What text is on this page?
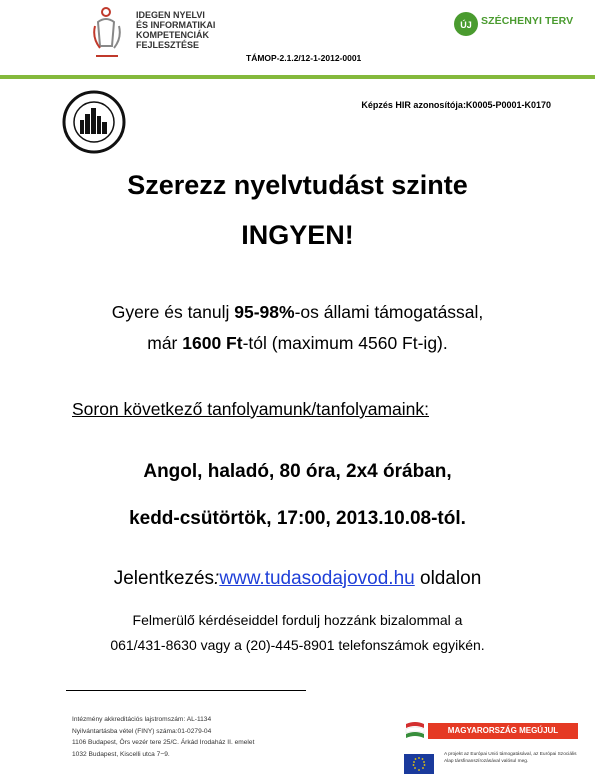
IDEGEN NYELVI
ÉS INFORMATIKAI
KOMPETENCIÁK
FEJLESZTÉSE
ÚJ SZÉCHENYI TERV
TÁMOP-2.1.2/12-1-2012-0001
Képzés HIR azonosítója:K0005-P0001-K0170
Szerezz nyelvtudást szinte
INGYEN!
Gyere és tanulj 95-98%-os állami támogatással,
már 1600 Ft-tól (maximum 4560 Ft-ig).
Soron következő tanfolyamunk/tanfolyamaink:
Angol, haladó, 80 óra, 2x4 órában,
kedd-csütörtök, 17:00, 2013.10.08-tól.
Jelentkezés:www.tudasodajovod.hu oldalon
Felmerülő kérdéseiddel fordulj hozzánk bizalommal a
061/431-8630 vagy a (20)-445-8901 telefonszámok egyikén.
Intézmény akkreditációs lajstromszám: AL-1134
Nyilvántartásba vétel (FINY) száma:01-0279-04
1106 Budapest, Örs vezér tere 25/C. Árkád Irodaház II. emelet
1032 Budapest, Kiscelli utca 7−9.
MAGYARORSZÁG MEGÚJUL
A projekt az Európai Unió támogatásával, az Európai Szociális Alap társfinanszírozásával valósul meg.
